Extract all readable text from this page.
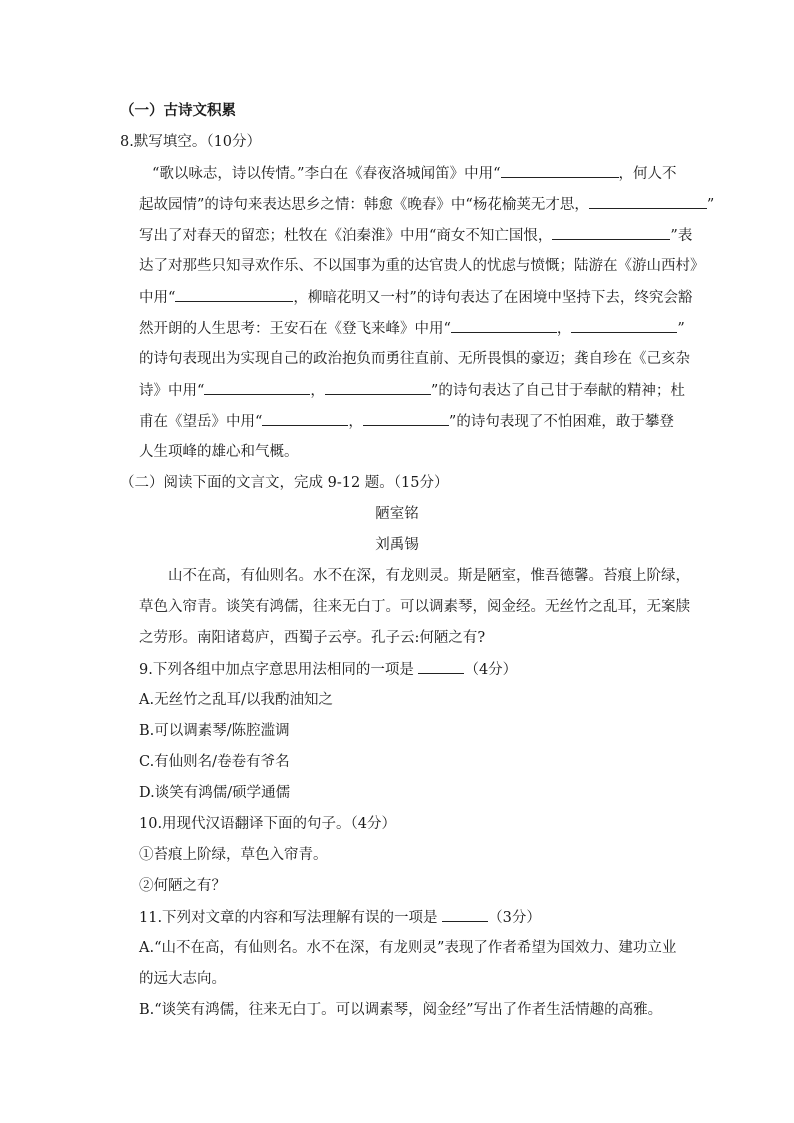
（一）古诗文积累
8.默写填空。（10分）
“歌以咏志，诗以传情。”李白在《春夜洛城闻笛》中用“	，何人不
起故园情”的诗句来表达思乡之情：韩愈《晚春》中“杨花榆荚无才思，	”
写出了对春天的留恋；杜牧在《泊秦淮》中用“商女不知亡国恨，	”表
达了对那些只知寻欢作乐、不以国事为重的达官贵人的忧虑与愤慨；陆游在《游山西村》
中用“	，柳暗花明又一村”的诗句表达了在困境中坚持下去，终究会豁
然开朗的人生思考：王安石在《登飞来峰》中用“	，	”
的诗句表现出为实现自己的政治抱负而勇往直前、无所畏惧的豪迈；龚自珍在《己亥杂
诗》中用“	，	”的诗句表达了自己甘于奉献的精神；杜
甫在《望岳》中用“	，	”的诗句表现了不怕困难，敢于攀登
人生项峰的雄心和气概。
（二）阅读下面的文言文，完成 9-12 题。（15分）
陋室铭
刘禹锡
山不在高，有仙则名。水不在深，有龙则灵。斯是陋室，惟吾德馨。苔痕上阶绿，
草色入帘青。谈笑有鸿儒，往来无白丁。可以调素琴，阅金经。无丝竹之乱耳，无案牍
之劳形。南阳诸葛庐，西蜀子云亭。孔子云:何陋之有?
9.下列各组中加点字意思用法相同的一项是	（4分）
A.无丝竹之乱耳/以我酌油知之
B.可以调素琴/陈腔滥调
C.有仙则名/卷卷有爷名
D.谈笑有鸿儒/硕学通儒
10.用现代汉语翻译下面的句子。（4分）
①苔痕上阶绿，草色入帘青。
②何陋之有？
11.下列对文章的内容和写法理解有误的一项是	（3分）
A.“山不在高，有仙则名。水不在深，有龙则灵”表现了作者希望为国效力、建功立业
的远大志向。
B.“谈笑有鸿儒，往来无白丁。可以调素琴，阅金经”写出了作者生活情趣的高雅。
